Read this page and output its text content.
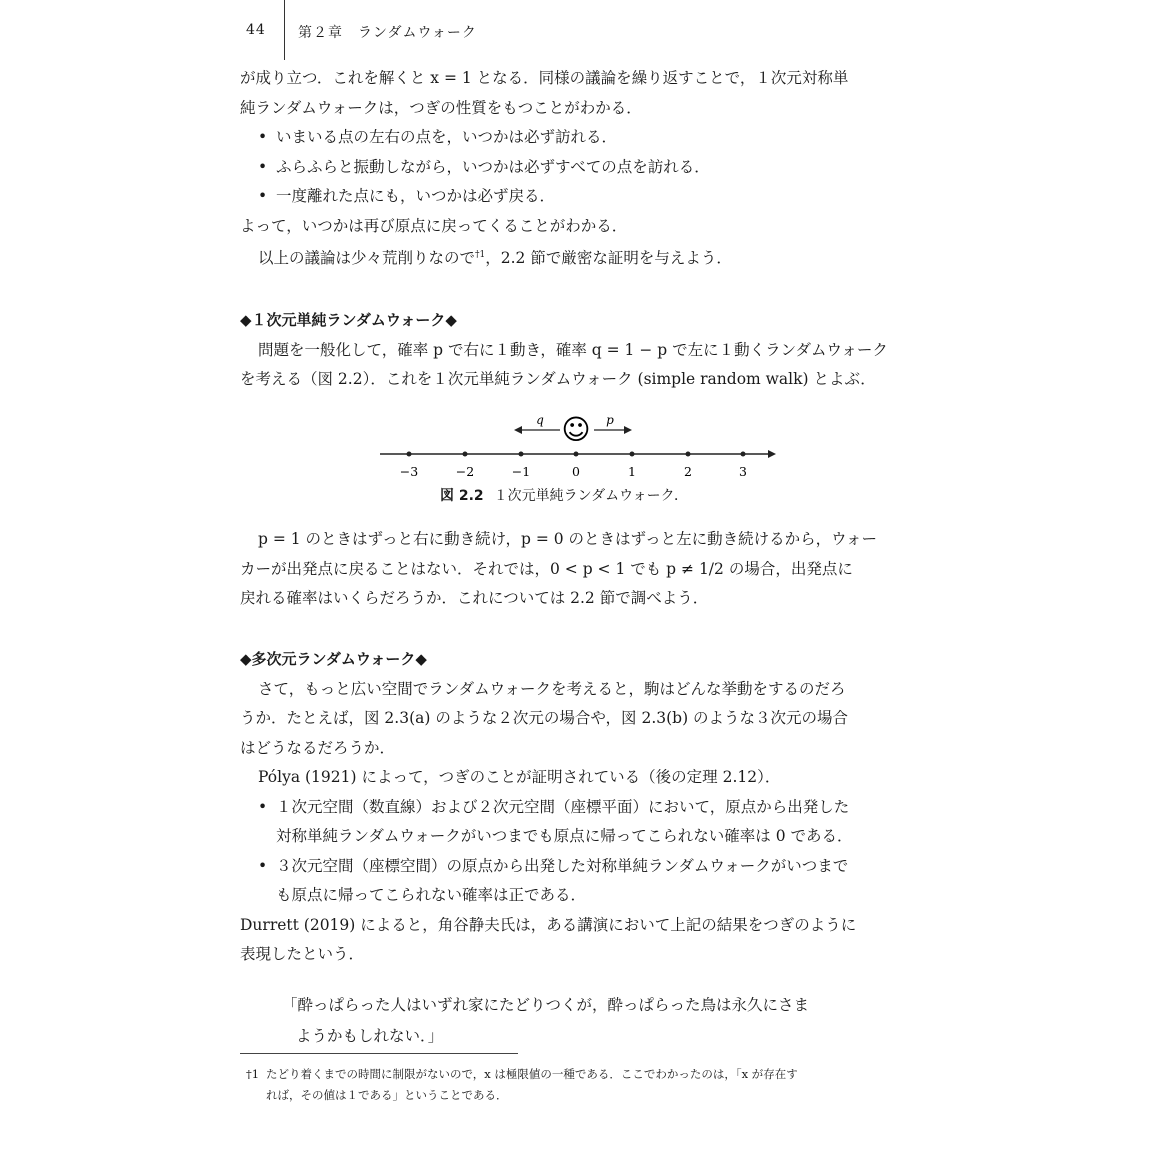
44 第２章　ランダムウォーク
が成り立つ．これを解くと x = 1 となる．同様の議論を繰り返すことで，１次元対称単
純ランダムウォークは，つぎの性質をもつことがわかる．
• いまいる点の左右の点を，いつかは必ず訪れる．
• ふらふらと振動しながら，いつかは必ずすべての点を訪れる．
• 一度離れた点にも，いつかは必ず戻る．
よって，いつかは再び原点に戻ってくることがわかる．
以上の議論は少々荒削りなので$^{\dagger 1}$，2.2 節で厳密な証明を与えよう．
◆１次元単純ランダムウォーク◆
問題を一般化して，確率 p で右に１動き，確率 q = 1 − p で左に１動くランダムウォーク
を考える（図 2.2）．これを１次元単純ランダムウォーク (simple random walk) とよぶ．
q	p
☺
−3	−2	−1	0	1	2	3
図 2.2 １次元単純ランダムウォーク．
p = 1 のときはずっと右に動き続け，p = 0 のときはずっと左に動き続けるから，ウォー
カーが出発点に戻ることはない．それでは，0 < p < 1 でも p ≠ 1/2 の場合，出発点に
戻れる確率はいくらだろうか．これについては 2.2 節で調べよう．
◆多次元ランダムウォーク◆
さて，もっと広い空間でランダムウォークを考えると，駒はどんな挙動をするのだろ
うか．たとえば，図 2.3(a) のような２次元の場合や，図 2.3(b) のような３次元の場合
はどうなるだろうか．
Pólya (1921) によって，つぎのことが証明されている（後の定理 2.12）．
• １次元空間（数直線）および２次元空間（座標平面）において，原点から出発した
対称単純ランダムウォークがいつまでも原点に帰ってこられない確率は 0 である．
• ３次元空間（座標空間）の原点から出発した対称単純ランダムウォークがいつまで
も原点に帰ってこられない確率は正である．
Durrett (2019) によると，角谷静夫氏は，ある講演において上記の結果をつぎのように
表現したという．
「酔っぱらった人はいずれ家にたどりつくが，酔っぱらった鳥は永久にさま
ようかもしれない．」
†1 たどり着くまでの時間に制限がないので，x は極限値の一種である．ここでわかったのは，「x が存在す
れば，その値は１である」ということである．
